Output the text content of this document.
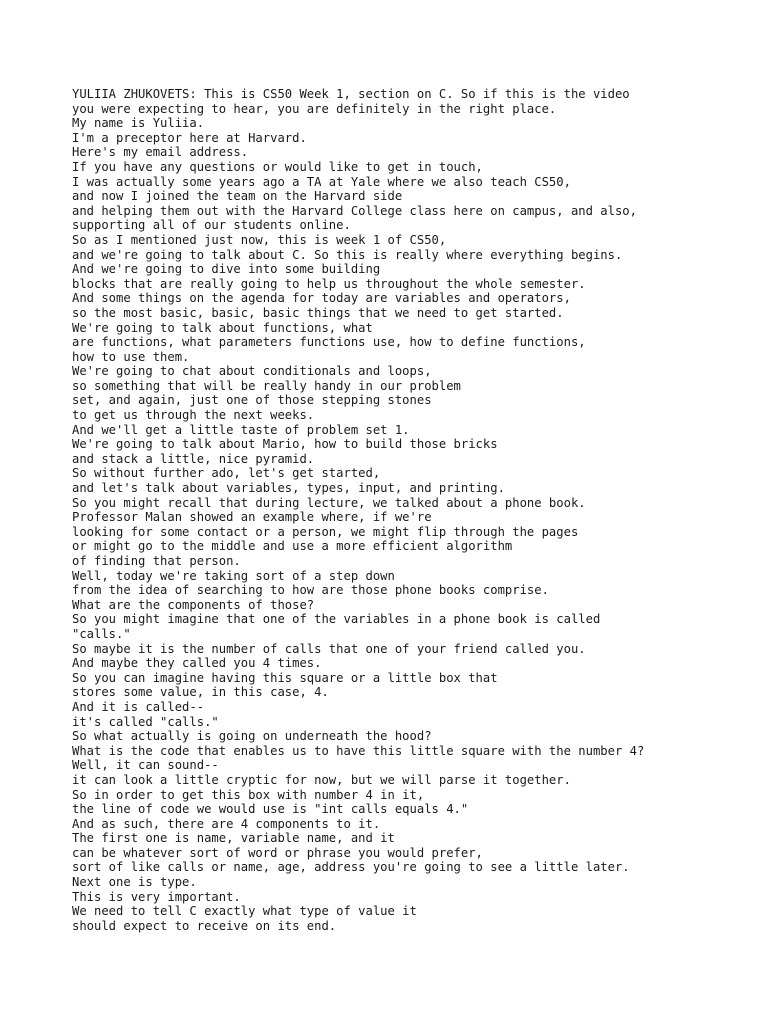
YULIIA ZHUKOVETS: This is CS50 Week 1, section on C. So if this is the video
you were expecting to hear, you are definitely in the right place.
My name is Yuliia.
I'm a preceptor here at Harvard.
Here's my email address.
If you have any questions or would like to get in touch,
I was actually some years ago a TA at Yale where we also teach CS50,
and now I joined the team on the Harvard side
and helping them out with the Harvard College class here on campus, and also,
supporting all of our students online.
So as I mentioned just now, this is week 1 of CS50,
and we're going to talk about C. So this is really where everything begins.
And we're going to dive into some building
blocks that are really going to help us throughout the whole semester.
And some things on the agenda for today are variables and operators,
so the most basic, basic, basic things that we need to get started.
We're going to talk about functions, what
are functions, what parameters functions use, how to define functions,
how to use them.
We're going to chat about conditionals and loops,
so something that will be really handy in our problem
set, and again, just one of those stepping stones
to get us through the next weeks.
And we'll get a little taste of problem set 1.
We're going to talk about Mario, how to build those bricks
and stack a little, nice pyramid.
So without further ado, let's get started,
and let's talk about variables, types, input, and printing.
So you might recall that during lecture, we talked about a phone book.
Professor Malan showed an example where, if we're
looking for some contact or a person, we might flip through the pages
or might go to the middle and use a more efficient algorithm
of finding that person.
Well, today we're taking sort of a step down
from the idea of searching to how are those phone books comprise.
What are the components of those?
So you might imagine that one of the variables in a phone book is called
"calls."
So maybe it is the number of calls that one of your friend called you.
And maybe they called you 4 times.
So you can imagine having this square or a little box that
stores some value, in this case, 4.
And it is called--
it's called "calls."
So what actually is going on underneath the hood?
What is the code that enables us to have this little square with the number 4?
Well, it can sound--
it can look a little cryptic for now, but we will parse it together.
So in order to get this box with number 4 in it,
the line of code we would use is "int calls equals 4."
And as such, there are 4 components to it.
The first one is name, variable name, and it
can be whatever sort of word or phrase you would prefer,
sort of like calls or name, age, address you're going to see a little later.
Next one is type.
This is very important.
We need to tell C exactly what type of value it
should expect to receive on its end.
